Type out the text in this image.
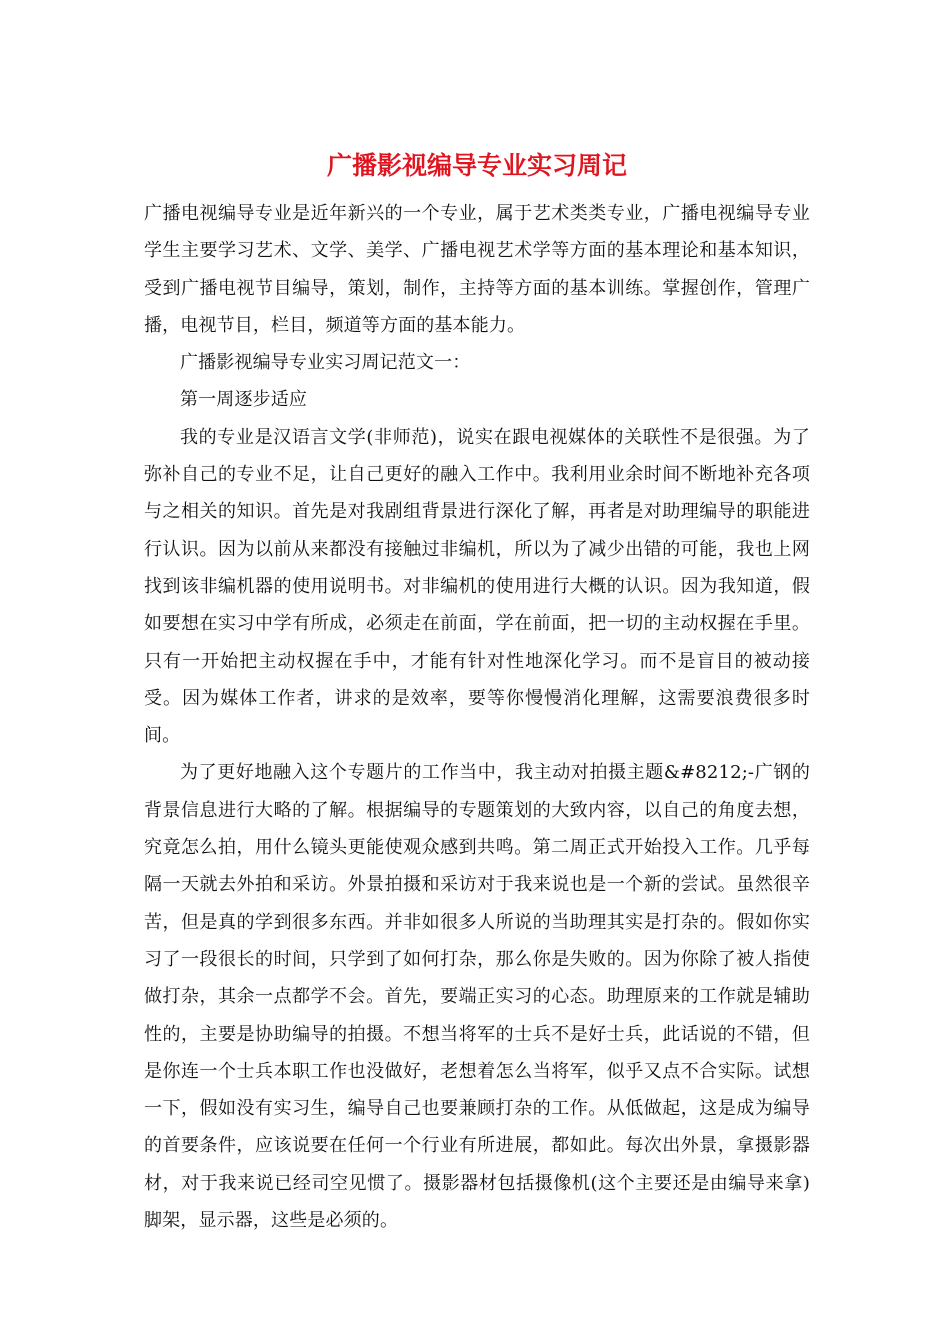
广播影视编导专业实习周记

广播电视编导专业是近年新兴的一个专业，属于艺术类类专业，广播电视编导专业学生主要学习艺术、文学、美学、广播电视艺术学等方面的基本理论和基本知识，受到广播电视节目编导，策划，制作，主持等方面的基本训练。掌握创作，管理广播，电视节目，栏目，频道等方面的基本能力。

广播影视编导专业实习周记范文一：

第一周逐步适应

我的专业是汉语言文学(非师范)，说实在跟电视媒体的关联性不是很强。为了弥补自己的专业不足，让自己更好的融入工作中。我利用业余时间不断地补充各项与之相关的知识。首先是对我剧组背景进行深化了解，再者是对助理编导的职能进行认识。因为以前从来都没有接触过非编机，所以为了减少出错的可能，我也上网找到该非编机器的使用说明书。对非编机的使用进行大概的认识。因为我知道，假如要想在实习中学有所成，必须走在前面，学在前面，把一切的主动权握在手里。只有一开始把主动权握在手中，才能有针对性地深化学习。而不是盲目的被动接受。因为媒体工作者，讲求的是效率，要等你慢慢消化理解，这需要浪费很多时间。

为了更好地融入这个专题片的工作当中，我主动对拍摄主题&#8212;-广钢的背景信息进行大略的了解。根据编导的专题策划的大致内容，以自己的角度去想，究竟怎么拍，用什么镜头更能使观众感到共鸣。第二周正式开始投入工作。几乎每隔一天就去外拍和采访。外景拍摄和采访对于我来说也是一个新的尝试。虽然很辛苦，但是真的学到很多东西。并非如很多人所说的当助理其实是打杂的。假如你实习了一段很长的时间，只学到了如何打杂，那么你是失败的。因为你除了被人指使做打杂，其余一点都学不会。首先，要端正实习的心态。助理原来的工作就是辅助性的，主要是协助编导的拍摄。不想当将军的士兵不是好士兵，此话说的不错，但是你连一个士兵本职工作也没做好，老想着怎么当将军，似乎又点不合实际。试想一下，假如没有实习生，编导自己也要兼顾打杂的工作。从低做起，这是成为编导的首要条件，应该说要在任何一个行业有所进展，都如此。每次出外景，拿摄影器材，对于我来说已经司空见惯了。摄影器材包括摄像机(这个主要还是由编导来拿)脚架，显示器，这些是必须的。
